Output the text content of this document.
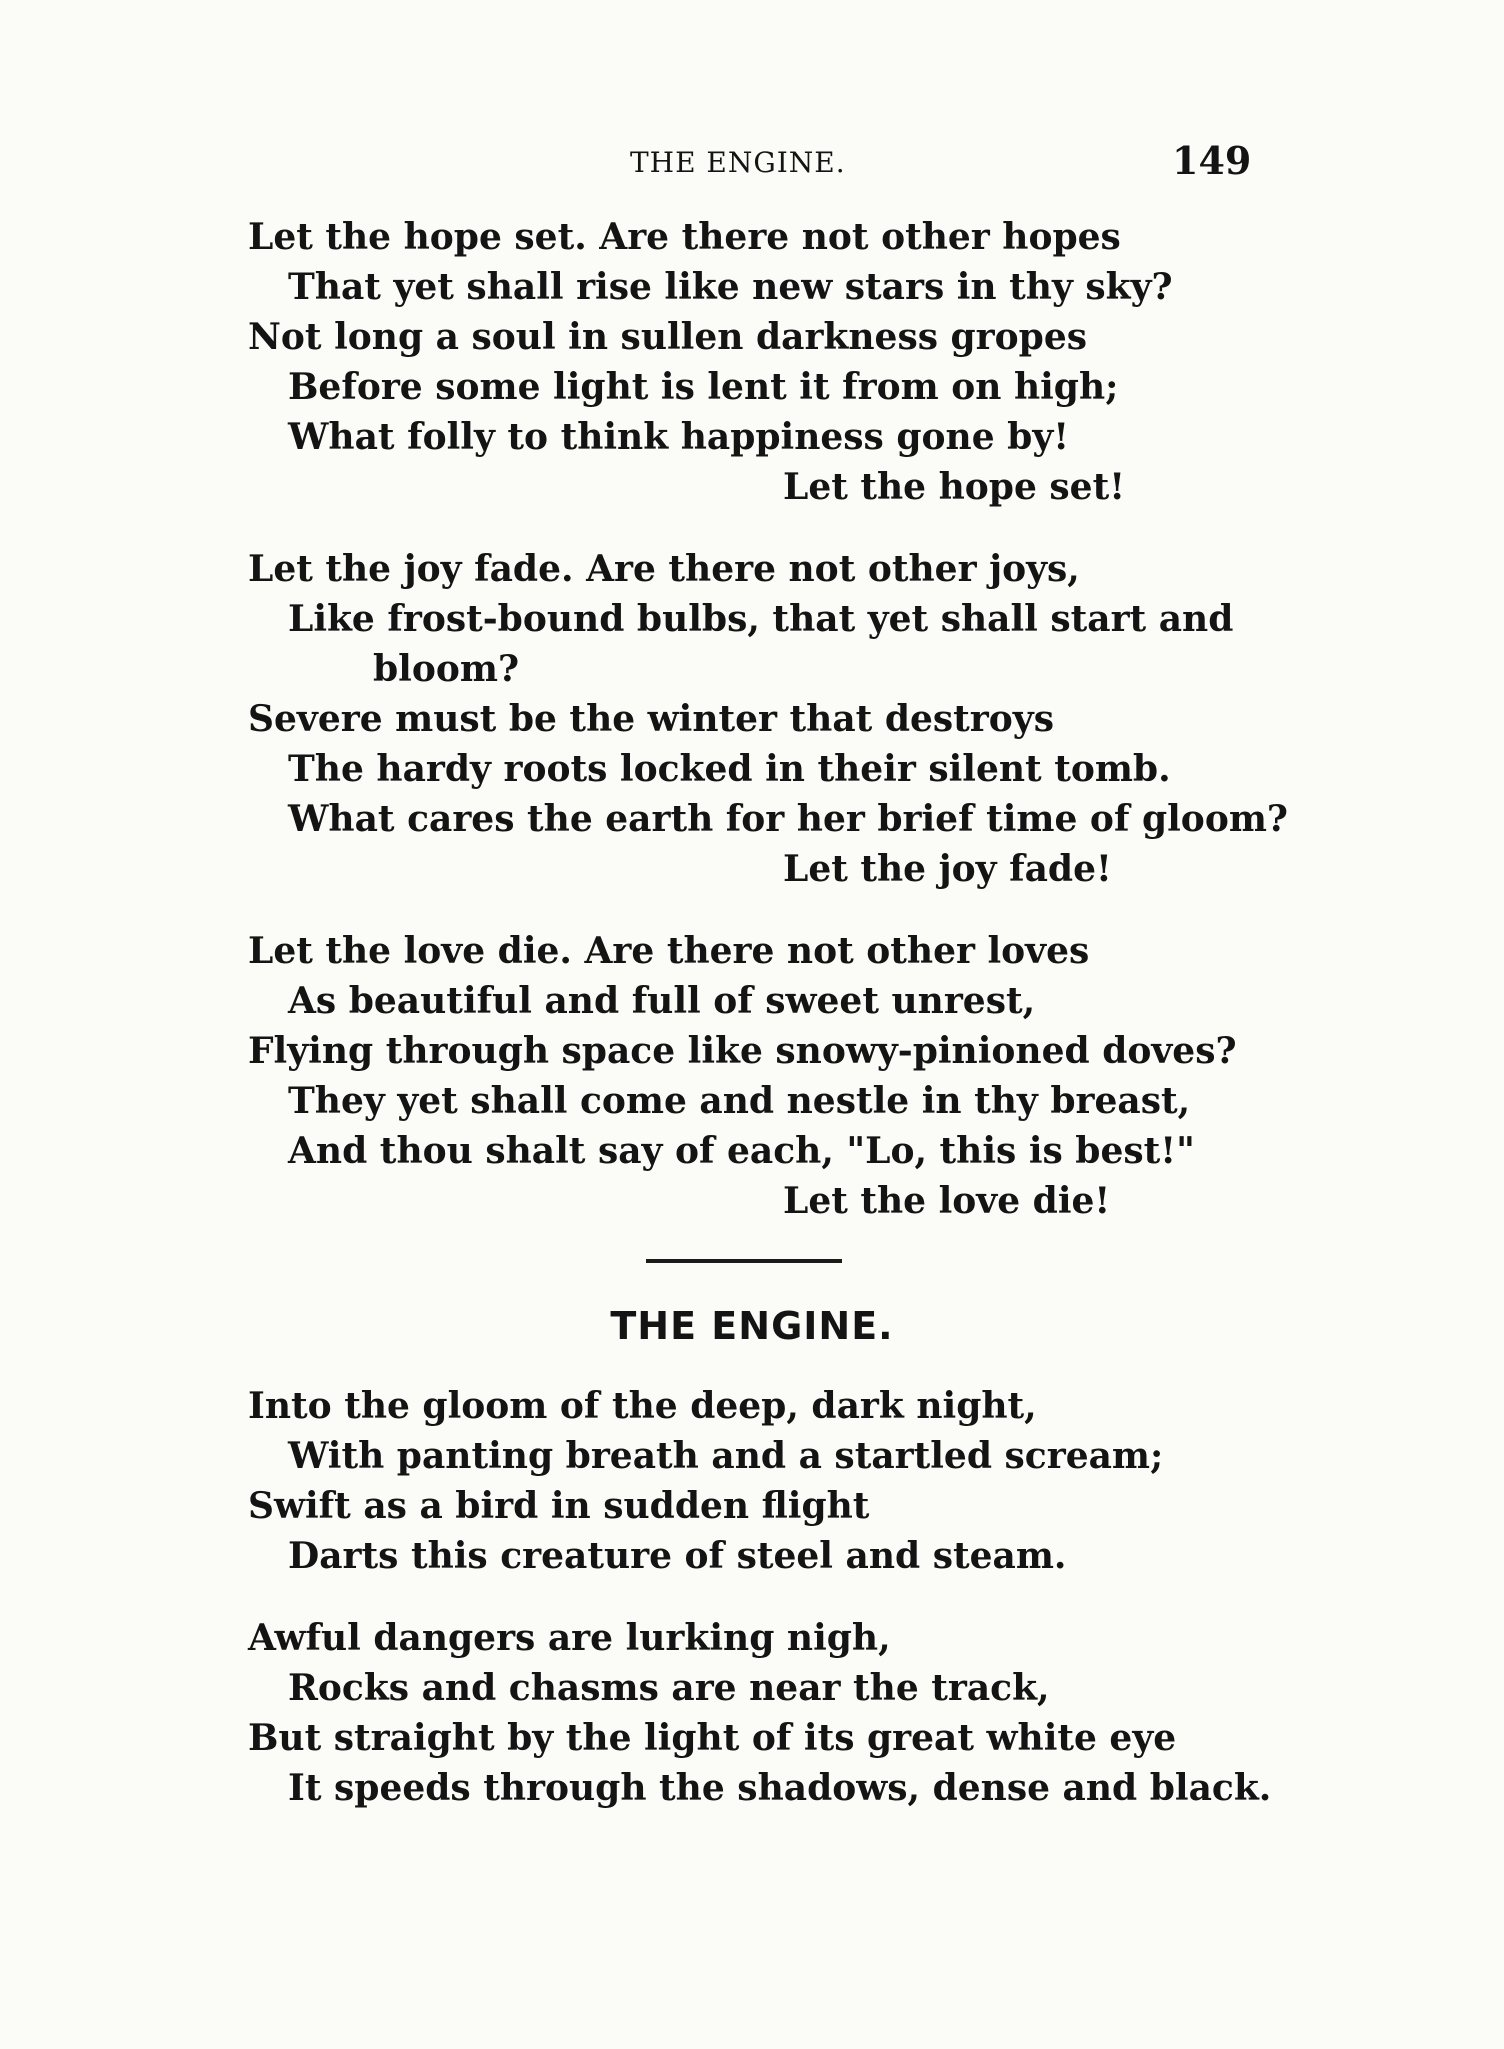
THE ENGINE.	149
Let the hope set. Are there not other hopes
That yet shall rise like new stars in thy sky?
Not long a soul in sullen darkness gropes
Before some light is lent it from on high;
What folly to think happiness gone by!
Let the hope set!
Let the joy fade. Are there not other joys,
Like frost-bound bulbs, that yet shall start and
bloom?
Severe must be the winter that destroys
The hardy roots locked in their silent tomb.
What cares the earth for her brief time of gloom?
Let the joy fade!
Let the love die. Are there not other loves
As beautiful and full of sweet unrest,
Flying through space like snowy-pinioned doves?
They yet shall come and nestle in thy breast,
And thou shalt say of each, "Lo, this is best!"
Let the love die!
THE ENGINE.
Into the gloom of the deep, dark night,
With panting breath and a startled scream;
Swift as a bird in sudden flight
Darts this creature of steel and steam.
Awful dangers are lurking nigh,
Rocks and chasms are near the track,
But straight by the light of its great white eye
It speeds through the shadows, dense and black.
